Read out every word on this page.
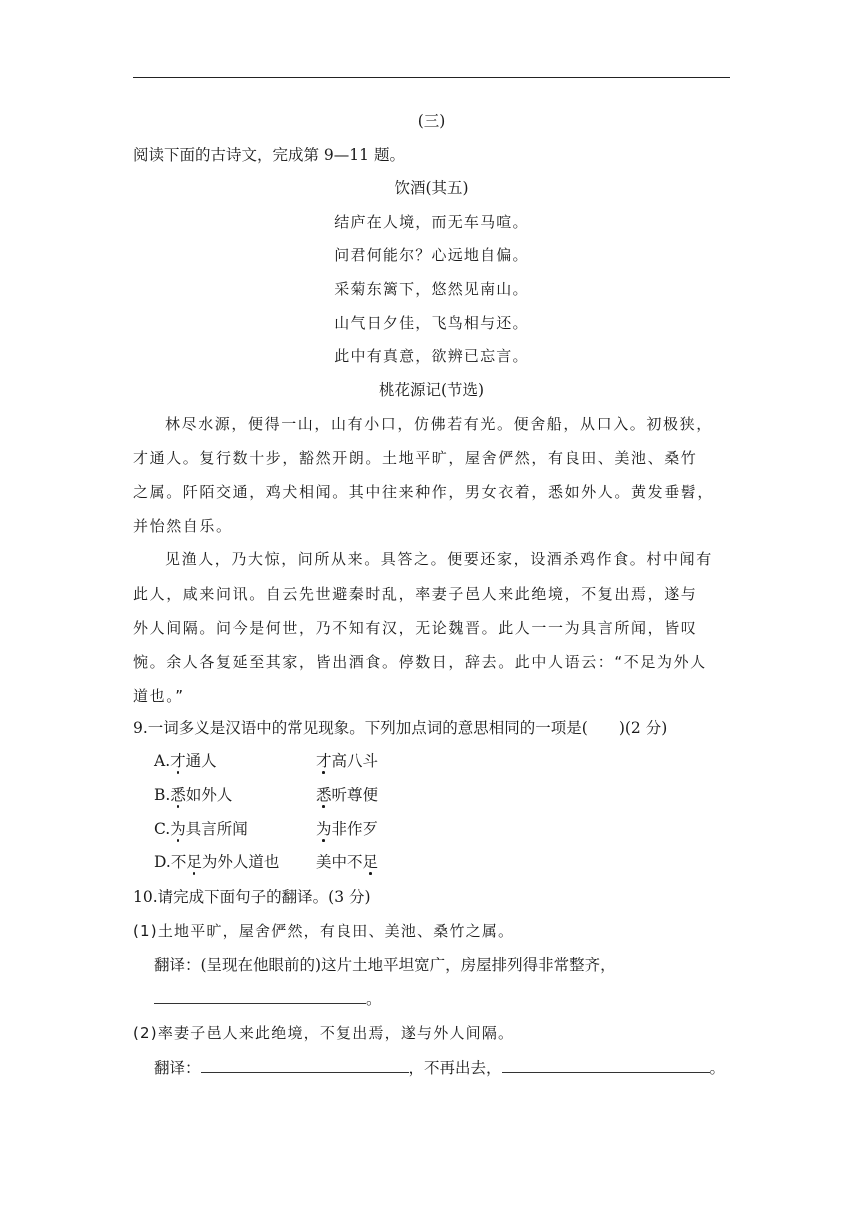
(三)
阅读下面的古诗文，完成第 9—11 题。
饮酒(其五)
结庐在人境，而无车马喧。
问君何能尔？心远地自偏。
采菊东篱下，悠然见南山。
山气日夕佳，飞鸟相与还。
此中有真意，欲辨已忘言。
桃花源记(节选)
林尽水源，便得一山，山有小口，仿佛若有光。便舍船，从口入。初极狭，
才通人。复行数十步，豁然开朗。土地平旷，屋舍俨然，有良田、美池、桑竹
之属。阡陌交通，鸡犬相闻。其中往来种作，男女衣着，悉如外人。黄发垂髫，
并怡然自乐。
见渔人，乃大惊，问所从来。具答之。便要还家，设酒杀鸡作食。村中闻有
此人，咸来问讯。自云先世避秦时乱，率妻子邑人来此绝境，不复出焉，遂与
外人间隔。问今是何世，乃不知有汉，无论魏晋。此人一一为具言所闻，皆叹
惋。余人各复延至其家，皆出酒食。停数日，辞去。此中人语云：“不足为外人
道也。”
9.一词多义是汉语中的常见现象。下列加点词的意思相同的一项是(　　)(2 分)
A.才通人	才高八斗
B.悉如外人	悉听尊便
C.为具言所闻	为非作歹
D.不足为外人道也 美中不足
10.请完成下面句子的翻译。(3 分)
(1)土地平旷，屋舍俨然，有良田、美池、桑竹之属。
翻译：(呈现在他眼前的)这片土地平坦宽广，房屋排列得非常整齐，
。
(2)率妻子邑人来此绝境，不复出焉，遂与外人间隔。
翻译：	，不再出去，	。
